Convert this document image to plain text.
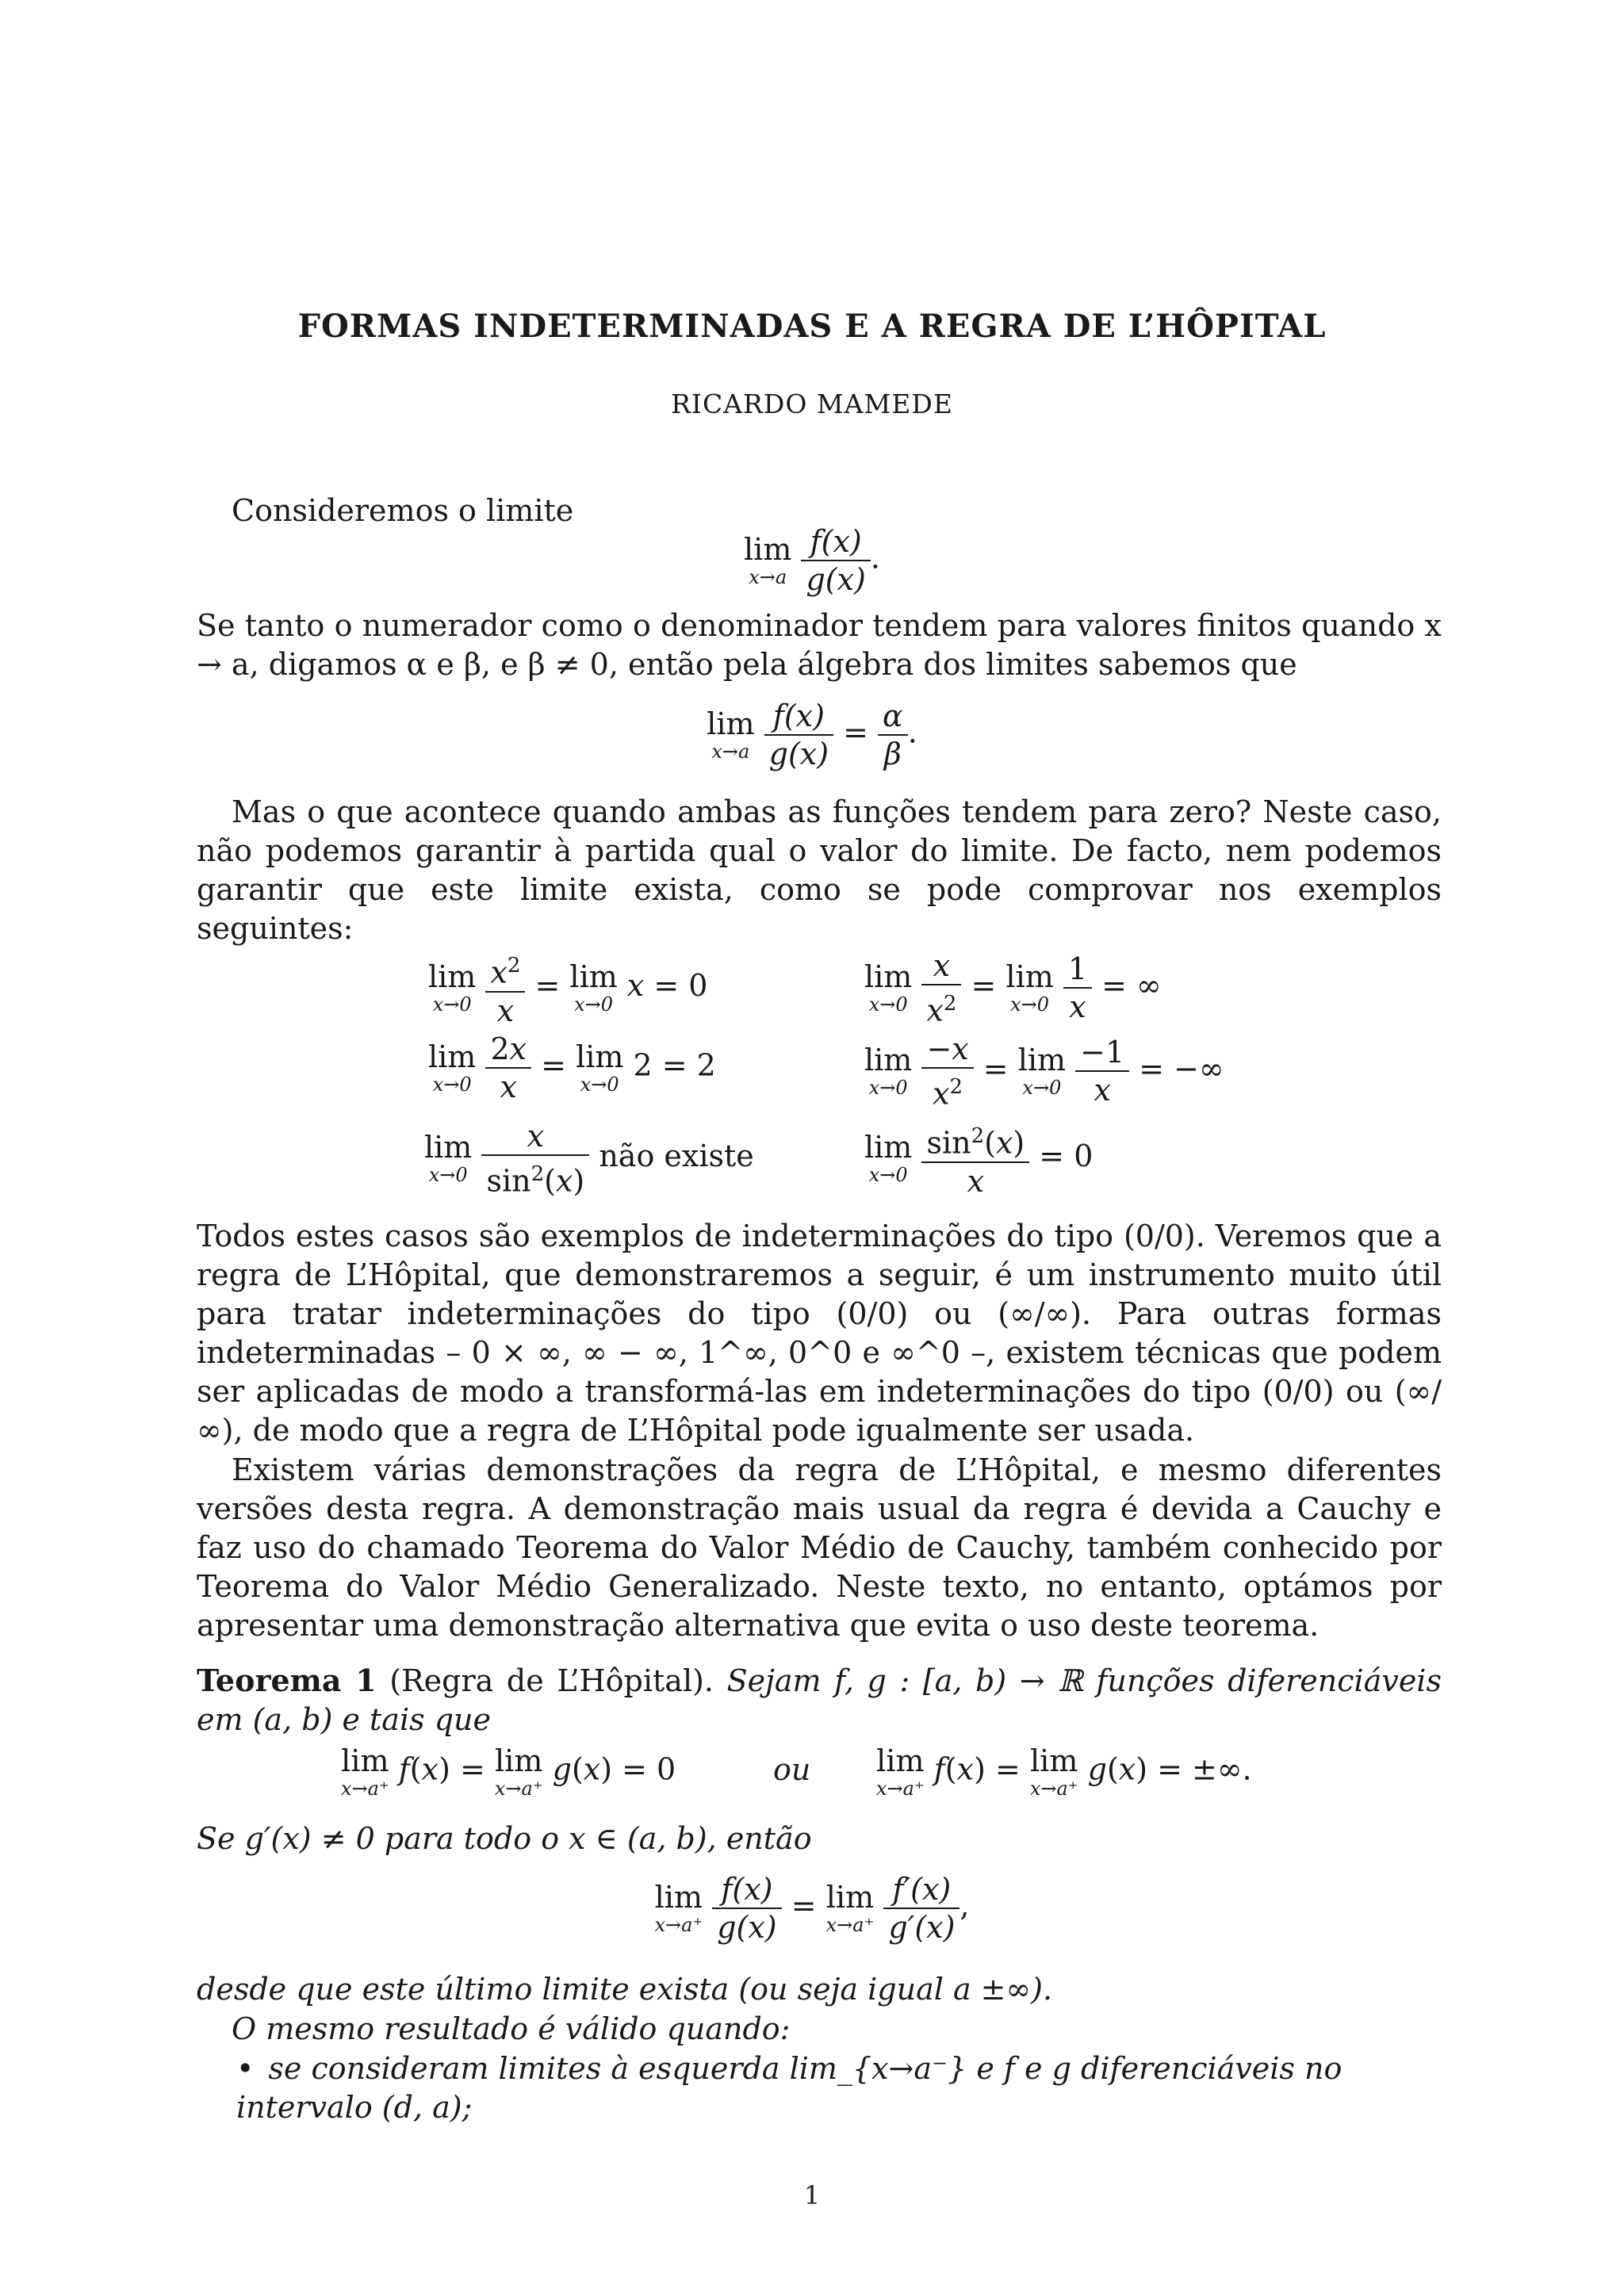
FORMAS INDETERMINADAS E A REGRA DE L’HÔPITAL
RICARDO MAMEDE
Consideremos o limite
lim
x→a
$\frac{f(x)}{g(x)}$ .
Se tanto o numerador como o denominador tendem para valores finitos quando x → a, digamos α e β, e β ≠ 0, então pela álgebra dos limites sabemos que
lim
x→a
$\frac{f(x)}{g(x)} = \frac{\alpha}{\beta}$ .
Mas o que acontece quando ambas as funções tendem para zero? Neste caso, não podemos garantir à partida qual o valor do limite. De facto, nem podemos garantir que este limite exista, como se pode comprovar nos exemplos seguintes:
lim
x→0
$\frac{x^2}{x} = \lim$
x→0
x = 0	lim
x→0
$\frac{x}{x^2} = \lim$
x→0
$\frac{1}{x}$ = ∞
lim
x→0
$\frac{2x}{x} = \lim$
x→0
2 = 2	lim
x→0
$\frac{-x}{x^2} = \lim$
x→0
$\frac{-1}{x}$ = −∞
lim
x→0
$\frac{x}{\sin^2(x)}$ não existe	lim
x→0
$\frac{\sin^2(x)}{x} = 0$
Todos estes casos são exemplos de indeterminações do tipo (0/0). Veremos que a regra de L’Hôpital, que demonstraremos a seguir, é um instrumento muito útil para tratar indeterminações do tipo (0/0) ou (∞/∞). Para outras formas indeterminadas – 0 × ∞, ∞ − ∞, 1^∞, 0^0 e ∞^0 –, existem técnicas que podem ser aplicadas de modo a transformá-las em indeterminações do tipo (0/0) ou (∞/∞), de modo que a regra de L’Hôpital pode igualmente ser usada.
Existem várias demonstrações da regra de L’Hôpital, e mesmo diferentes versões desta regra. A demonstração mais usual da regra é devida a Cauchy e faz uso do chamado Teorema do Valor Médio de Cauchy, também conhecido por Teorema do Valor Médio Generalizado. Neste texto, no entanto, optámos por apresentar uma demonstração alternativa que evita o uso deste teorema.
Teorema 1 (Regra de L’Hôpital). Sejam f, g : [a, b) → ℝ funções diferenciáveis em (a, b) e tais que
lim
x→a⁺
f(x) = lim
x→a⁺
g(x) = 0	ou lim
x→a⁺
f(x) = lim
x→a⁺
g(x) = ±∞.
Se g′(x) ≠ 0 para todo o x ∈ (a, b), então
lim
x→a⁺
$\frac{f(x)}{g(x)} = \lim$
x→a⁺
$\frac{f'(x)}{g'(x)}$ ,
desde que este último limite exista (ou seja igual a ±∞).
O mesmo resultado é válido quando:
• se consideram limites à esquerda lim_{x→a⁻} e f e g diferenciáveis no intervalo (d, a);
1
